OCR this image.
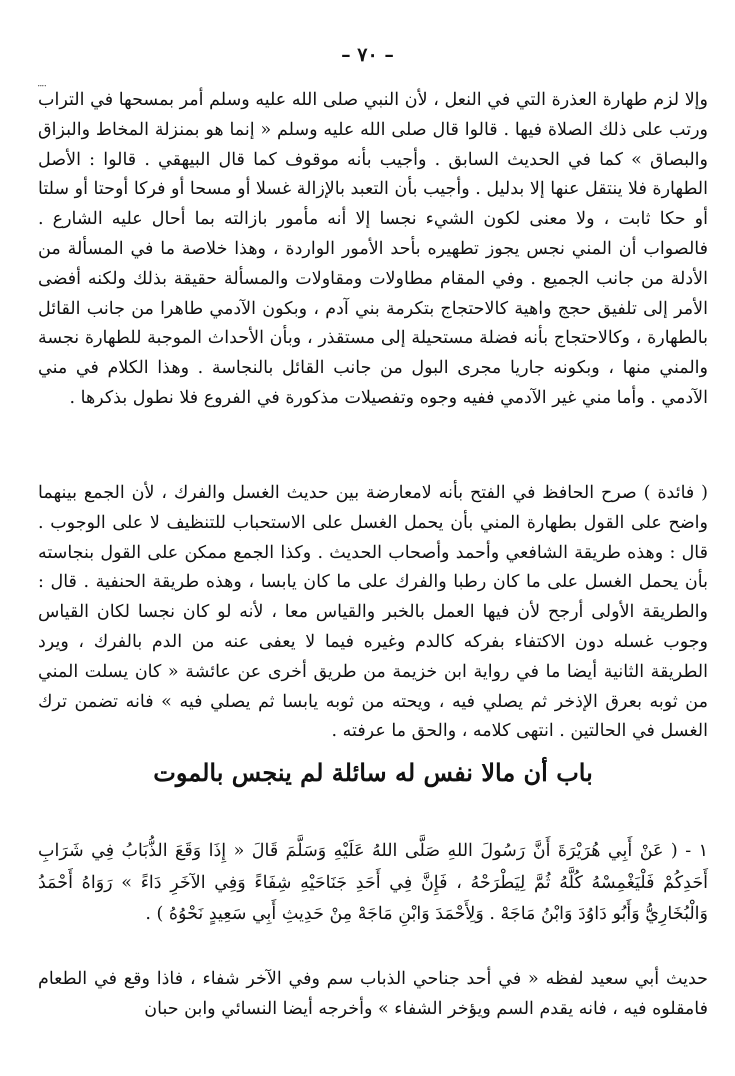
– ٧٠ –
⁞

وإلا لزم طهارة العذرة التي في النعل ، لأن النبي صلى الله عليه وسلم أمر بمسحها في التراب ورتب على ذلك الصلاة فيها . قالوا قال صلى الله عليه وسلم « إنما هو بمنزلة المخاط والبزاق والبصاق » كما في الحديث السابق . وأجيب بأنه موقوف كما قال البيهقي . قالوا : الأصل الطهارة فلا ينتقل عنها إلا بدليل . وأجيب بأن التعبد بالإزالة غسلا أو مسحا أو فركا أوحتا أو سلتا أو حكا ثابت ، ولا معنى لكون الشيء نجسا إلا أنه مأمور بازالته بما أحال عليه الشارع . فالصواب أن المني نجس يجوز تطهيره بأحد الأمور الواردة ، وهذا خلاصة ما في المسألة من الأدلة من جانب الجميع . وفي المقام مطاولات ومقاولات والمسألة حقيقة بذلك ولكنه أفضى الأمر إلى تلفيق حجج واهية كالاحتجاج بتكرمة بني آدم ، وبكون الآدمي طاهرا من جانب القائل بالطهارة ، وكالاحتجاج بأنه فضلة مستحيلة إلى مستقذر ، وبأن الأحداث الموجبة للطهارة نجسة والمني منها ، وبكونه جاريا مجرى البول من جانب القائل بالنجاسة . وهذا الكلام في مني الآدمي . وأما مني غير الآدمي ففيه وجوه وتفصيلات مذكورة في الفروع فلا نطول بذكرها .

( فائدة ) صرح الحافظ في الفتح بأنه لامعارضة بين حديث الغسل والفرك ، لأن الجمع بينهما واضح على القول بطهارة المني بأن يحمل الغسل على الاستحباب للتنظيف لا على الوجوب . قال : وهذه طريقة الشافعي وأحمد وأصحاب الحديث . وكذا الجمع ممكن على القول بنجاسته بأن يحمل الغسل على ما كان رطبا والفرك على ما كان يابسا ، وهذه طريقة الحنفية . قال : والطريقة الأولى أرجح لأن فيها العمل بالخبر والقياس معا ، لأنه لو كان نجسا لكان القياس وجوب غسله دون الاكتفاء بفركه كالدم وغيره فيما لا يعفى عنه من الدم بالفرك ، ويرد الطريقة الثانية أيضا ما في رواية ابن خزيمة من طريق أخرى عن عائشة « كان يسلت المني من ثوبه بعرق الإذخر ثم يصلي فيه ، ويحته من ثوبه يابسا ثم يصلي فيه » فانه تضمن ترك الغسل في الحالتين . انتهى كلامه ، والحق ما عرفته .

باب أن مالا نفس له سائلة لم ينجس بالموت

١ - ( عَنْ أَبِي هُرَيْرَةَ أَنَّ رَسُولَ اللهِ صَلَّى اللهُ عَلَيْهِ وَسَلَّمَ قَالَ « إِذَا وَقَعَ الذُّبَابُ فِي شَرَابِ أَحَدِكُمْ فَلْيَغْمِسْهُ كُلَّهُ ثُمَّ لِيَطْرَحْهُ ، فَإِنَّ فِي أَحَدِ جَنَاحَيْهِ شِفَاءً وَفِي الآخَرِ دَاءً » رَوَاهُ أَحْمَدُ وَالْبُخَارِيُّ وَأَبُو دَاوُدَ وَابْنُ مَاجَهْ . وَلِأَحْمَدَ وَابْنِ مَاجَهْ مِنْ حَدِيثِ أَبِي سَعِيدٍ نَحْوُهُ ) .

حديث أبي سعيد لفظه « في أحد جناحي الذباب سم وفي الآخر شفاء ، فاذا وقع في الطعام فامقلوه فيه ، فانه يقدم السم ويؤخر الشفاء » وأخرجه أيضا النسائي وابن حبان
